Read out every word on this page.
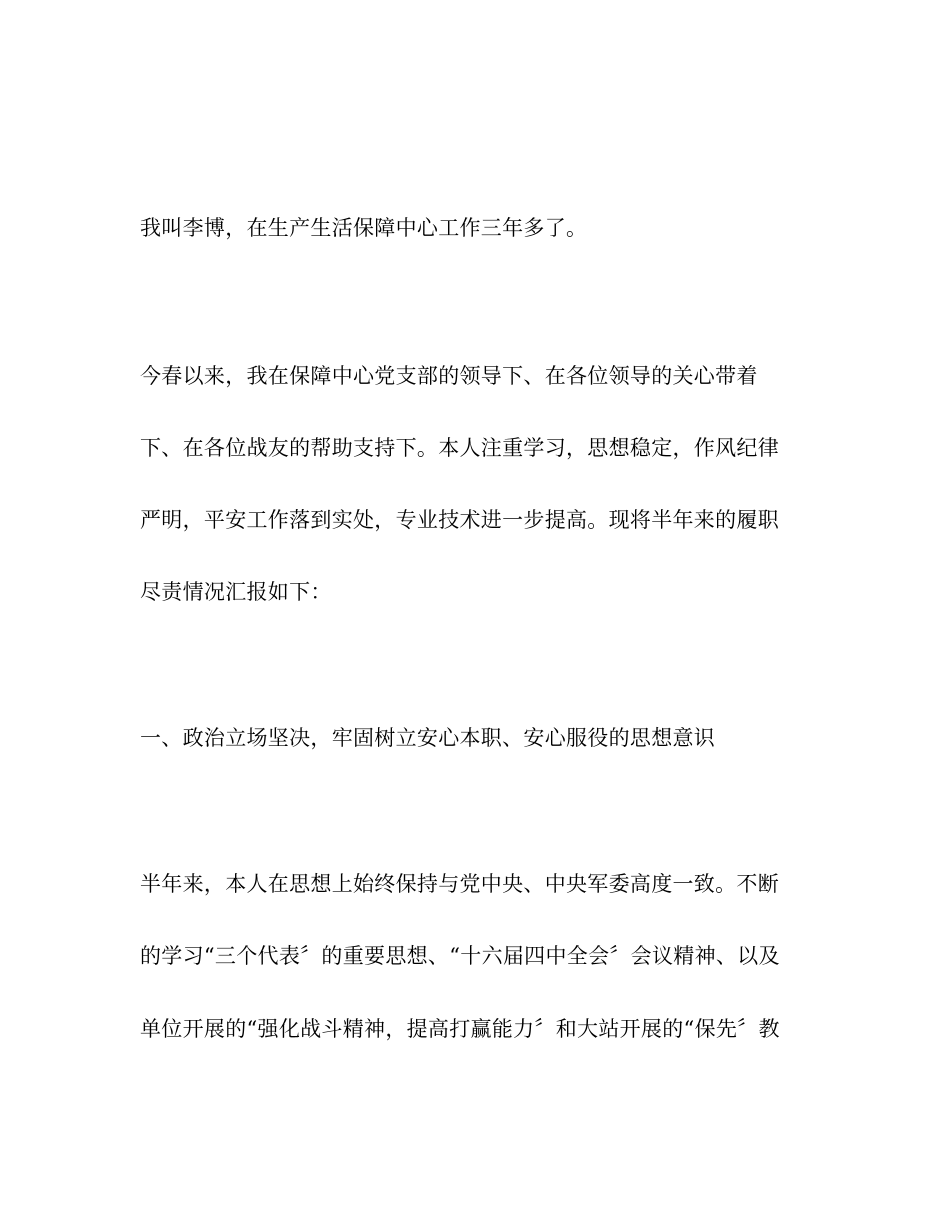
我叫李博，在生产生活保障中心工作三年多了。
今春以来，我在保障中心党支部的领导下、在各位领导的关心带着
下、在各位战友的帮助支持下。本人注重学习，思想稳定，作风纪律
严明，平安工作落到实处，专业技术进一步提高。现将半年来的履职
尽责情况汇报如下：
一、政治立场坚决，牢固树立安心本职、安心服役的思想意识
半年来，本人在思想上始终保持与党中央、中央军委高度一致。不断
的学习“三个代表〞的重要思想、“十六届四中全会〞会议精神、以及
单位开展的“强化战斗精神，提高打赢能力〞和大站开展的“保先〞教
